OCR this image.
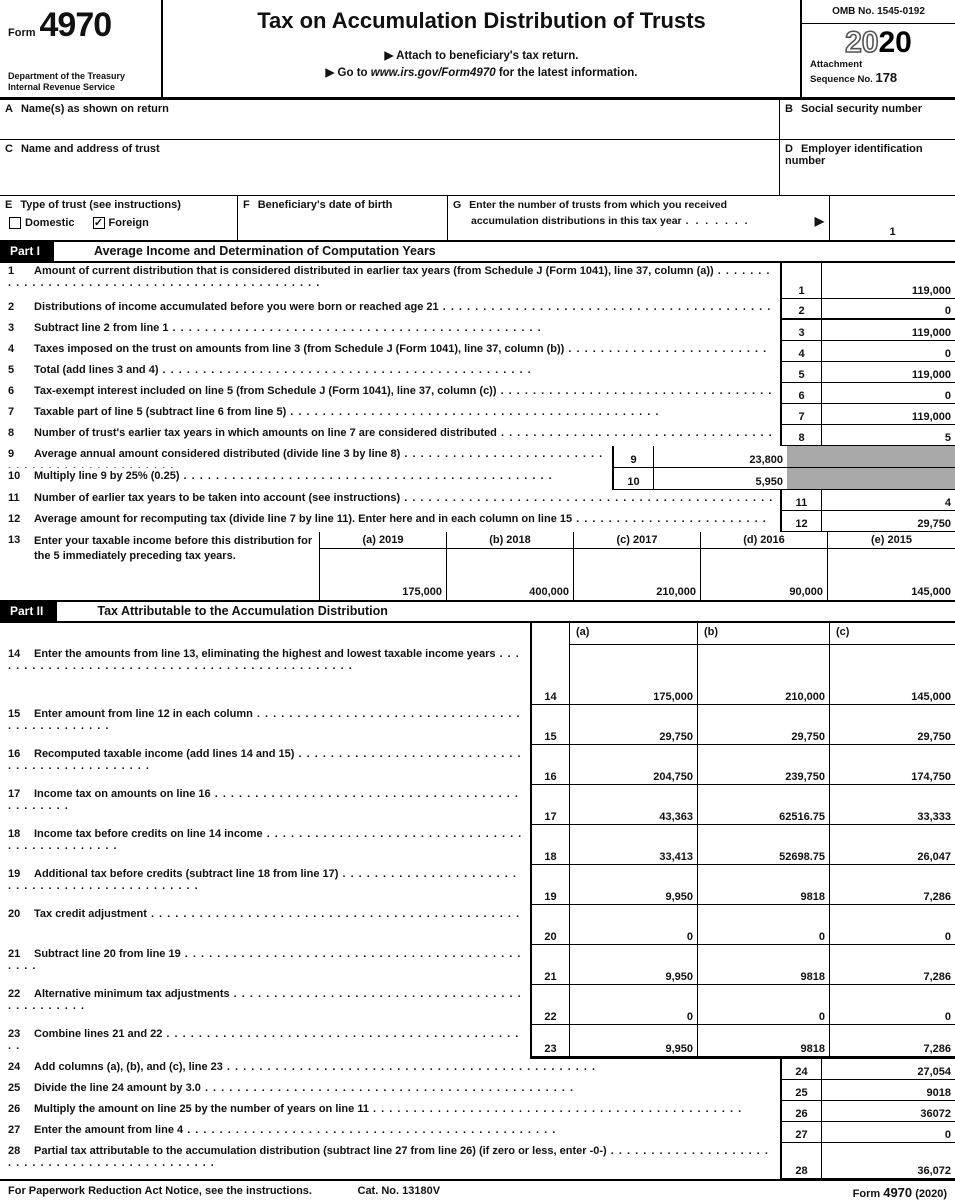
Form 4970
Department of the Treasury
Internal Revenue Service
Tax on Accumulation Distribution of Trusts
▶ Attach to beneficiary's tax return.
▶ Go to www.irs.gov/Form4970 for the latest information.
OMB No. 1545-0192
2020
Attachment
Sequence No. 178
A Name(s) as shown on return	B Social security number
C Name and address of trust	D Employer identification number
E Type of trust (see instructions)
Domestic ✓ Foreign
F Beneficiary's date of birth	G Enter the number of trusts from which you received
accumulation distributions in this tax year .	▶
1
Part I	Average Income and Determination of Computation Years
1 Amount of current distribution that is considered distributed in earlier tax years (from Schedule J (Form 1041), line 37, column (a)) .
1	119,000
2 Distributions of income accumulated before you were born or reached age 21 .	2	0
3 Subtract line 2 from line 1 .	3	119,000
4 Taxes imposed on the trust on amounts from line 3 (from Schedule J (Form 1041), line 37, column (b)) .	4	0
5 Total (add lines 3 and 4) .	5	119,000
6 Tax-exempt interest included on line 5 (from Schedule J (Form 1041), line 37, column (c)) .	6	0
7 Taxable part of line 5 (subtract line 6 from line 5) .	7	119,000
8 Number of trust's earlier tax years in which amounts on line 7 are considered distributed .	8	5
9 Average annual amount considered distributed (divide line 3 by line 8) .	9	23,800
10 Multiply line 9 by 25% (0.25) .	10	5,950
11 Number of earlier tax years to be taken into account (see instructions) .	11	4
12 Average amount for recomputing tax (divide line 7 by line 11). Enter here and in each column on line 15 .	12	29,750
13	Enter your taxable income before this distribution for the 5 immediately preceding tax years.
(a) 2019
175,000
(b) 2018
400,000
(c) 2017
210,000
(d) 2016
90,000
(e) 2015
145,000
Part II	Tax Attributable to the Accumulation Distribution
(a)	(b)	(c)
14 Enter the amounts from line 13, eliminating the highest and lowest taxable income years .
14	175,000	210,000	145,000
15 Enter amount from line 12 in each column .
15	29,750	29,750	29,750
16 Recomputed taxable income (add lines 14 and 15) .
16	204,750	239,750	174,750
17 Income tax on amounts on line 16 .
17	43,363	62516.75	33,333
18 Income tax before credits on line 14 income .
18	33,413	52698.75	26,047
19 Additional tax before credits (subtract line 18 from line 17) .
19	9,950	9818	7,286
20 Tax credit adjustment .
20	0	0	0
21 Subtract line 20 from line 19 .
21	9,950	9818	7,286
22 Alternative minimum tax adjustments .
22	0	0	0
23 Combine lines 21 and 22 .
23	9,950	9818	7,286
24 Add columns (a), (b), and (c), line 23 .	24	27,054
25 Divide the line 24 amount by 3.0 .	25	9018
26 Multiply the amount on line 25 by the number of years on line 11 .	26	36072
27 Enter the amount from line 4 .	27	0
28 Partial tax attributable to the accumulation distribution (subtract line 27 from line 26) (if zero or less, enter -0-) .
28	36,072
For Paperwork Reduction Act Notice, see the instructions.	Cat. No. 13180V	Form 4970 (2020)
